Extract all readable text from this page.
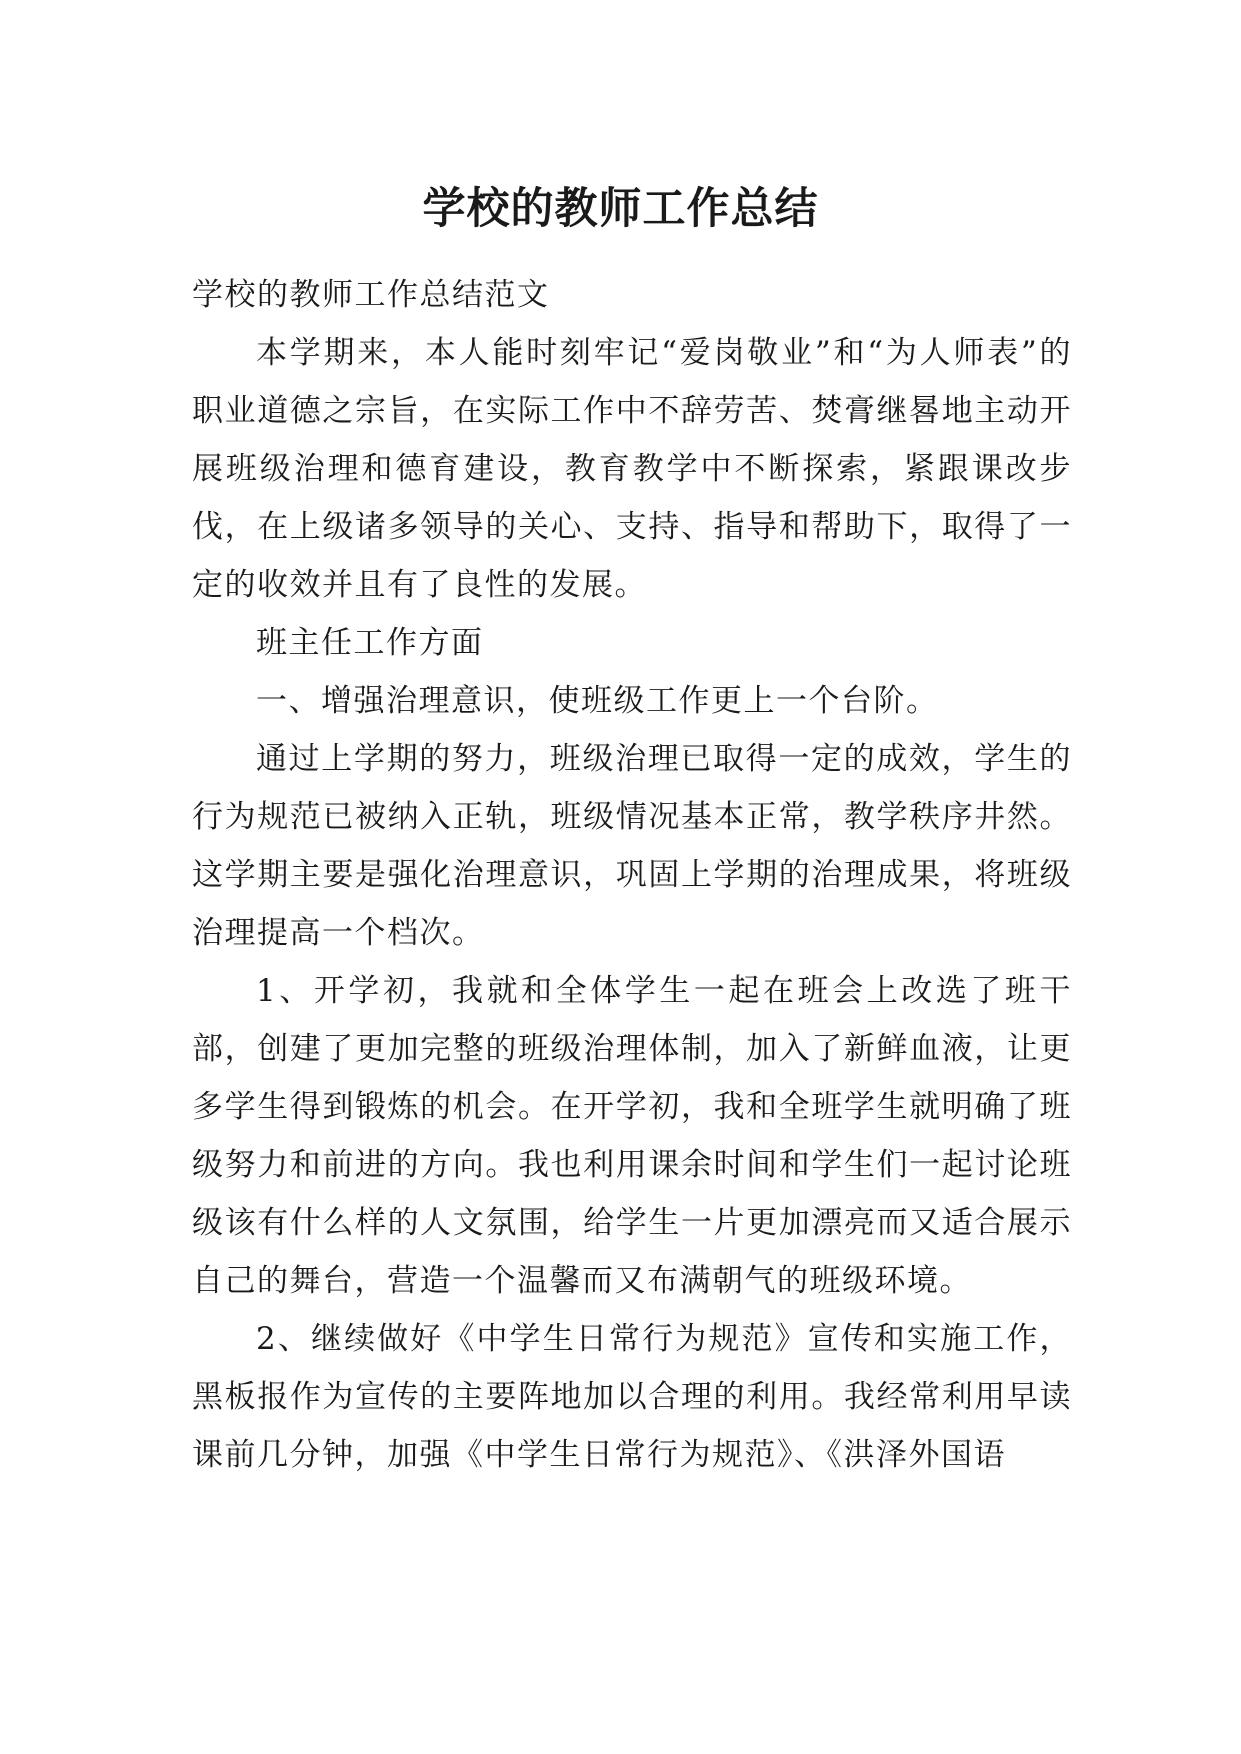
学校的教师工作总结

学校的教师工作总结范文

本学期来，本人能时刻牢记“爱岗敬业”和“为人师表”的职业道德之宗旨，在实际工作中不辞劳苦、焚膏继晷地主动开展班级治理和德育建设，教育教学中不断探索，紧跟课改步伐，在上级诸多领导的关心、支持、指导和帮助下，取得了一定的收效并且有了良性的发展。

班主任工作方面

一、增强治理意识，使班级工作更上一个台阶。

通过上学期的努力，班级治理已取得一定的成效，学生的行为规范已被纳入正轨，班级情况基本正常，教学秩序井然。这学期主要是强化治理意识，巩固上学期的治理成果，将班级治理提高一个档次。

1、开学初，我就和全体学生一起在班会上改选了班干部，创建了更加完整的班级治理体制，加入了新鲜血液，让更多学生得到锻炼的机会。在开学初，我和全班学生就明确了班级努力和前进的方向。我也利用课余时间和学生们一起讨论班级该有什么样的人文氛围，给学生一片更加漂亮而又适合展示自己的舞台，营造一个温馨而又布满朝气的班级环境。

2、继续做好《中学生日常行为规范》宣传和实施工作，黑板报作为宣传的主要阵地加以合理的利用。我经常利用早读课前几分钟，加强《中学生日常行为规范》、《洪泽外国语
